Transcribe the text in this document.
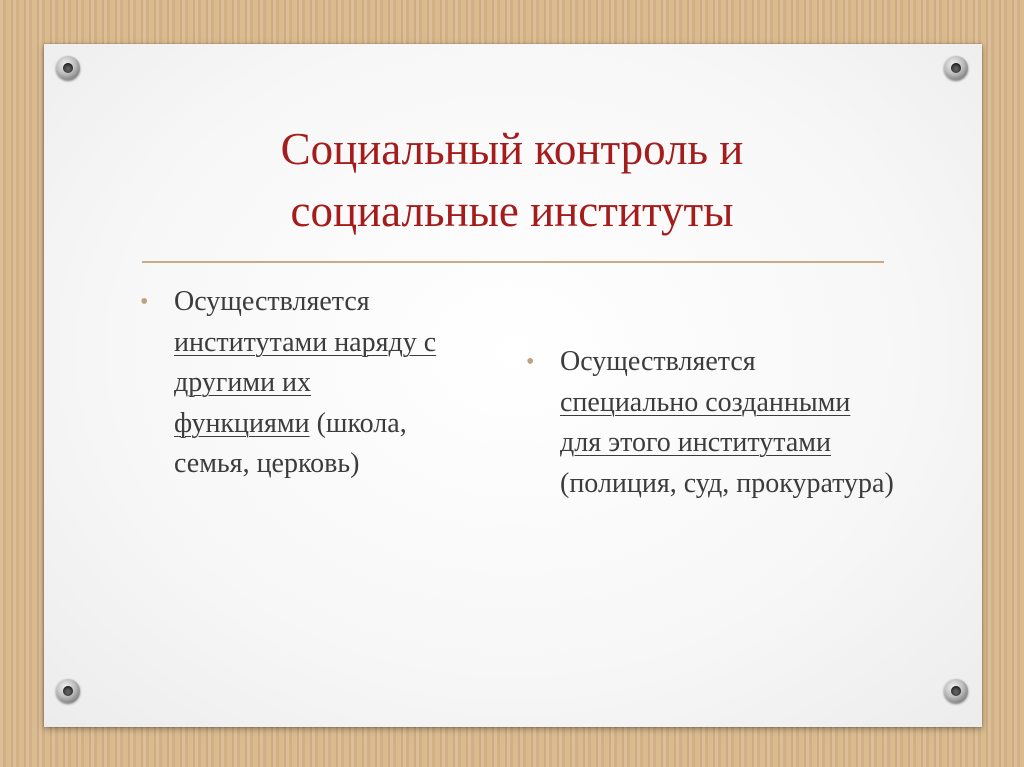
Социальный контроль и
социальные институты
• Осуществляется
институтами наряду с
другими их
функциями (школа,
семья, церковь)
• Осуществляется
специально созданными
для этого институтами
(полиция, суд, прокуратура)
